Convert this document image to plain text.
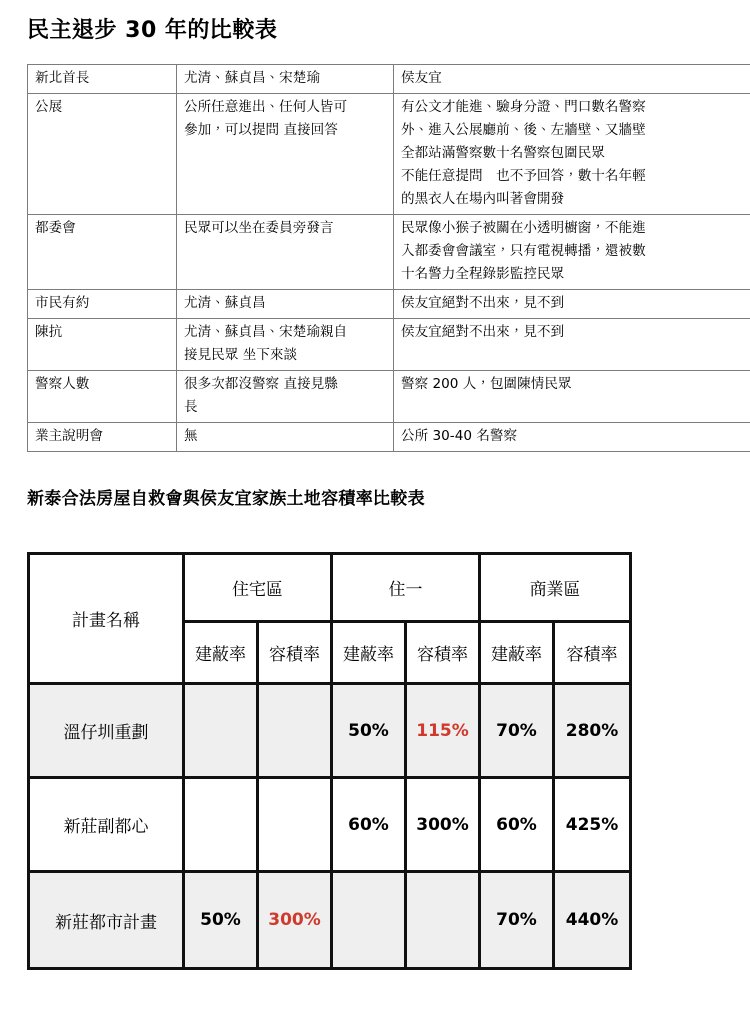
民主退步 30 年的比較表
新北首長	尤清、蘇貞昌、宋楚瑜	侯友宜
公展	公所任意進出、任何人皆可
參加，可以提問 直接回答	有公文才能進、驗身分證、門口數名警察
外、進入公展廳前、後、左牆壁、又牆壁
全都站滿警察數十名警察包圍民眾
不能任意提問　也不予回答，數十名年輕
的黑衣人在場內叫著會開發

都委會	民眾可以坐在委員旁發言	民眾像小猴子被關在小透明櫥窗，不能進
入都委會會議室，只有電視轉播，還被數
十名警力全程錄影監控民眾

市民有約	尤清、蘇貞昌	侯友宜絕對不出來，見不到

陳抗	尤清、蘇貞昌、宋楚瑜親自
接見民眾 坐下來談	侯友宜絕對不出來，見不到

警察人數	很多次都沒警察 直接見縣
長	警察 200 人，包圍陳情民眾

業主說明會	無	公所 30-40 名警察
新泰合法房屋自救會與侯友宜家族土地容積率比較表
計畫名稱	住宅區		住一		商業區	
	建蔽率	容積率	建蔽率	容積率	建蔽率	容積率
溫仔圳重劃			50%	115%	70%	280%
新莊副都心			60%	300%	60%	425%
新莊都市計畫	50%	300%			70%	440%
